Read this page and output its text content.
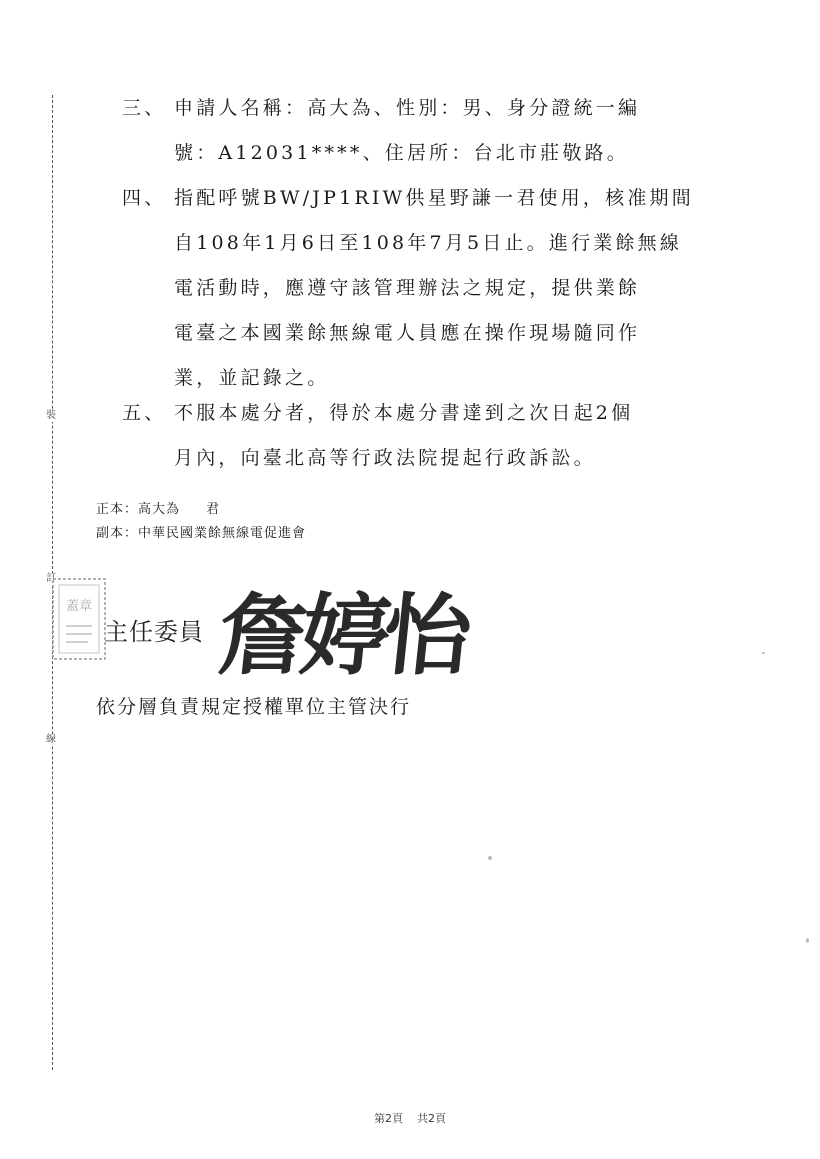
裝
訂
線
三、 申請人名稱：高大為、性別：男、身分證統一編
號：A12031****、住居所：台北市莊敬路。
四、 指配呼號BW/JP1RIW供星野謙一君使用，核准期間
自108年1月6日至108年7月5日止。進行業餘無線
電活動時，應遵守該管理辦法之規定，提供業餘
電臺之本國業餘無線電人員應在操作現場隨同作
業，並記錄之。
五、 不服本處分者，得於本處分書達到之次日起2個
月內，向臺北高等行政法院提起行政訴訟。
正本：高大為 君
副本：中華民國業餘無線電促進會
蓋章
主任委員 詹婷怡
依分層負責規定授權單位主管決行
第2頁 共2頁
